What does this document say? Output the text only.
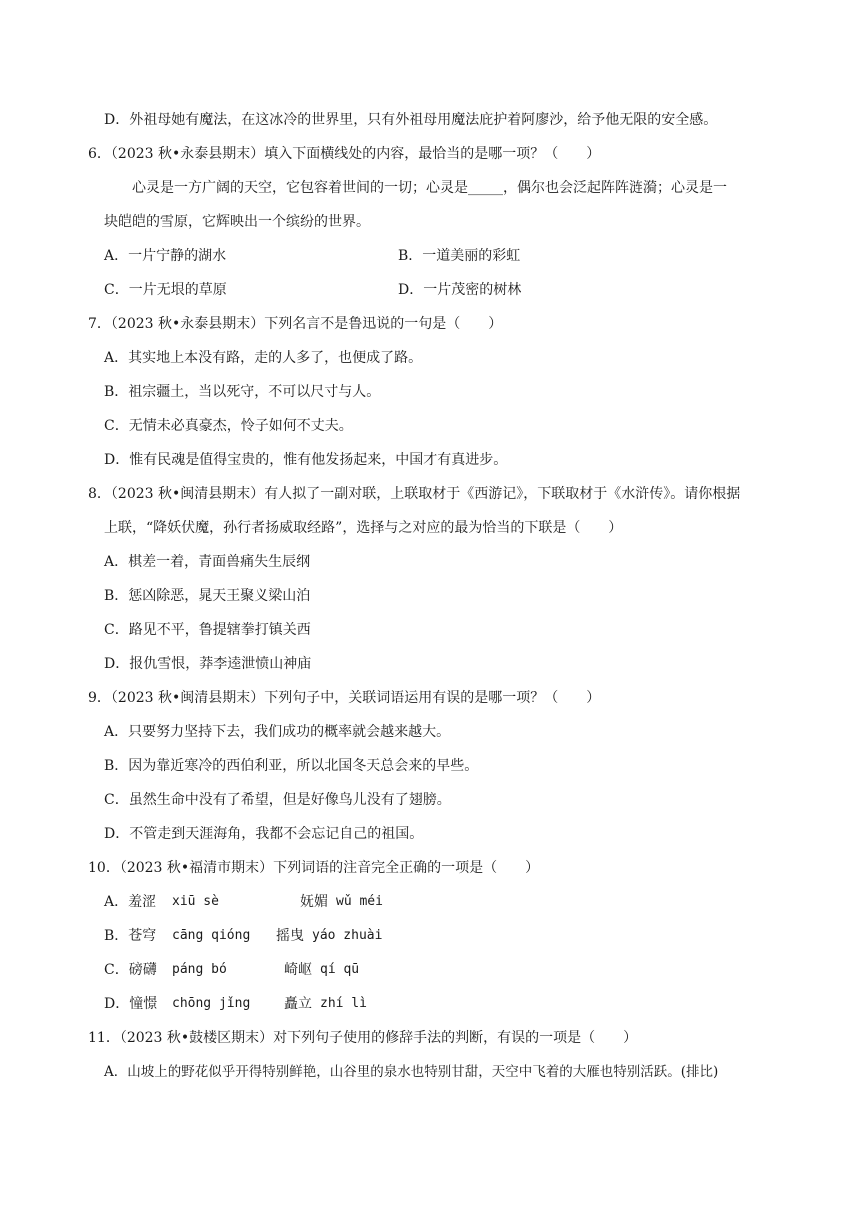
D．外祖母她有魔法，在这冰冷的世界里，只有外祖母用魔法庇护着阿廖沙，给予他无限的安全感。
6．（2023 秋•永泰县期末）填入下面横线处的内容，最恰当的是哪一项？（　　）
心灵是一方广阔的天空，它包容着世间的一切；心灵是_____，偶尔也会泛起阵阵涟漪；心灵是一
块皑皑的雪原，它辉映出一个缤纷的世界。
A．一片宁静的湖水	B．一道美丽的彩虹
C．一片无垠的草原	D．一片茂密的树林
7．（2023 秋•永泰县期末）下列名言不是鲁迅说的一句是（　　）
A．其实地上本没有路，走的人多了，也便成了路。
B．祖宗疆土，当以死守，不可以尺寸与人。
C．无情未必真豪杰，怜子如何不丈夫。
D．惟有民魂是值得宝贵的，惟有他发扬起来，中国才有真进步。
8．（2023 秋•闽清县期末）有人拟了一副对联，上联取材于《西游记》，下联取材于《水浒传》。请你根据
上联，“降妖伏魔，孙行者扬威取经路”，选择与之对应的最为恰当的下联是（　　）
A．棋差一着，青面兽痛失生辰纲
B．惩凶除恶，晁天王聚义梁山泊
C．路见不平，鲁提辖拳打镇关西
D．报仇雪恨，莽李逵泄愤山神庙
9．（2023 秋•闽清县期末）下列句子中，关联词语运用有误的是哪一项？（　　）
A．只要努力坚持下去，我们成功的概率就会越来越大。
B．因为靠近寒冷的西伯利亚，所以北国冬天总会来的早些。
C．虽然生命中没有了希望，但是好像鸟儿没有了翅膀。
D．不管走到天涯海角，我都不会忘记自己的祖国。
10．（2023 秋•福清市期末）下列词语的注音完全正确的一项是（　　）
A．羞涩 xiū sè	妩媚 wǔ méi
B．苍穹 cāng qióng 摇曳 yáo zhuài
C．磅礴 páng bó	崎岖 qí qū
D．憧憬 chōng jǐng 矗立 zhí lì
11．（2023 秋•鼓楼区期末）对下列句子使用的修辞手法的判断，有误的一项是（　　）
A．山坡上的野花似乎开得特别鲜艳，山谷里的泉水也特别甘甜，天空中飞着的大雁也特别活跃。(排比)
